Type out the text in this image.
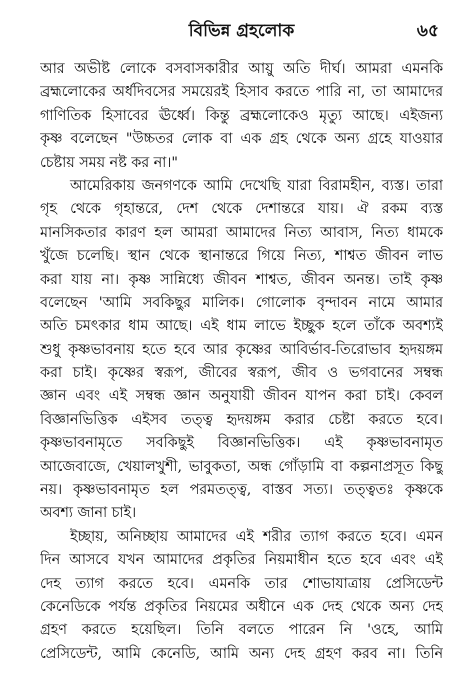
বিভিন্ন গ্রহলোক	৬৫
আর অভীষ্ট লোকে বসবাসকারীর আয়ু অতি দীর্ঘ। আমরা এমনকি
ব্রহ্মলোকের অর্ধদিবসের সময়েরই হিসাব করতে পারি না, তা আমাদের
গাণিতিক হিসাবের ঊর্ধ্বে। কিন্তু ব্রহ্মলোকেও মৃত্যু আছে। এইজন্য
কৃষ্ণ বলেছেন "উচ্চতর লোক বা এক গ্রহ থেকে অন্য গ্রহে যাওয়ার
চেষ্টায় সময় নষ্ট কর না।"
আমেরিকায় জনগণকে আমি দেখেছি যারা বিরামহীন, ব্যস্ত। তারা
গৃহ থেকে গৃহান্তরে, দেশ থেকে দেশান্তরে যায়। ঐ রকম ব্যস্ত
মানসিকতার কারণ হল আমরা আমাদের নিত্য আবাস, নিত্য ধামকে
খুঁজে চলেছি। স্থান থেকে স্থানান্তরে গিয়ে নিত্য, শাশ্বত জীবন লাভ
করা যায় না। কৃষ্ণ সান্নিধ্যে জীবন শাশ্বত, জীবন অনন্ত। তাই কৃষ্ণ
বলেছেন 'আমি সবকিছুর মালিক। গোলোক বৃন্দাবন নামে আমার
অতি চমৎকার ধাম আছে। এই ধাম লাভে ইচ্ছুক হলে তাঁকে অবশ্যই
শুধু কৃষ্ণভাবনায় হতে হবে আর কৃষ্ণের আবির্ভাব-তিরোভাব হৃদয়ঙ্গম
করা চাই। কৃষ্ণের স্বরূপ, জীবের স্বরূপ, জীব ও ভগবানের সম্বন্ধ
জ্ঞান এবং এই সম্বন্ধ জ্ঞান অনুযায়ী জীবন যাপন করা চাই। কেবল
বিজ্ঞানভিত্তিক এইসব তত্ত্ব হৃদয়ঙ্গম করার চেষ্টা করতে হবে।
কৃষ্ণভাবনামৃতে সবকিছুই বিজ্ঞানভিত্তিক। এই কৃষ্ণভাবনামৃত
আজেবাজে, খেয়ালখুশী, ভাবুকতা, অন্ধ গোঁড়ামি বা কল্পনাপ্রসূত কিছু
নয়। কৃষ্ণভাবনামৃত হল পরমতত্ত্ব, বাস্তব সত্য। তত্ত্বতঃ কৃষ্ণকে
অবশ্য জানা চাই।
ইচ্ছায়, অনিচ্ছায় আমাদের এই শরীর ত্যাগ করতে হবে। এমন
দিন আসবে যখন আমাদের প্রকৃতির নিয়মাধীন হতে হবে এবং এই
দেহ ত্যাগ করতে হবে। এমনকি তার শোভাযাত্রায় প্রেসিডেন্ট
কেনেডিকে পর্যন্ত প্রকৃতির নিয়মের অধীনে এক দেহ থেকে অন্য দেহ
গ্রহণ করতে হয়েছিল। তিনি বলতে পারেন নি 'ওহে, আমি
প্রেসিডেন্ট, আমি কেনেডি, আমি অন্য দেহ গ্রহণ করব না। তিনি
